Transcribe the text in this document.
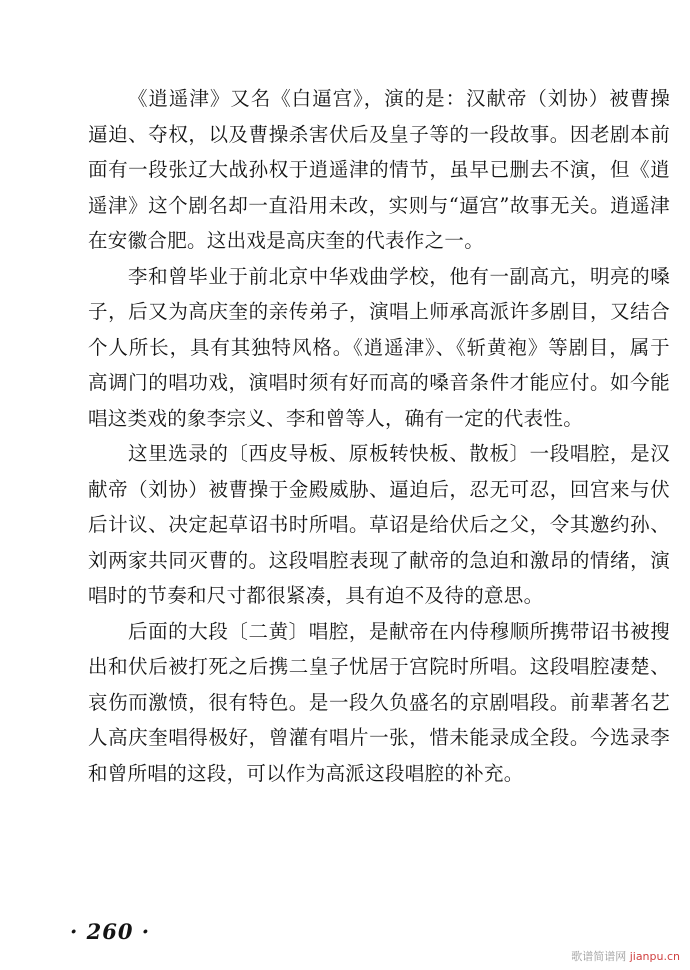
《逍遥津》又名《白逼宫》，演的是：汉献帝（刘协）被曹操逼迫、夺权，以及曹操杀害伏后及皇子等的一段故事。因老剧本前面有一段张辽大战孙权于逍遥津的情节，虽早已删去不演，但《逍遥津》这个剧名却一直沿用未改，实则与“逼宫”故事无关。逍遥津在安徽合肥。这出戏是高庆奎的代表作之一。

李和曾毕业于前北京中华戏曲学校，他有一副高亢，明亮的嗓子，后又为高庆奎的亲传弟子，演唱上师承高派许多剧目，又结合个人所长，具有其独特风格。《逍遥津》、《斩黄袍》等剧目，属于高调门的唱功戏，演唱时须有好而高的嗓音条件才能应付。如今能唱这类戏的象李宗义、李和曾等人，确有一定的代表性。

这里选录的〔西皮导板、原板转快板、散板〕一段唱腔，是汉献帝（刘协）被曹操于金殿威胁、逼迫后，忍无可忍，回宫来与伏后计议、决定起草诏书时所唱。草诏是给伏后之父，令其邀约孙、刘两家共同灭曹的。这段唱腔表现了献帝的急迫和激昂的情绪，演唱时的节奏和尺寸都很紧凑，具有迫不及待的意思。

后面的大段〔二黄〕唱腔，是献帝在内侍穆顺所携带诏书被搜出和伏后被打死之后携二皇子忧居于宫院时所唱。这段唱腔凄楚、哀伤而激愤，很有特色。是一段久负盛名的京剧唱段。前辈著名艺人高庆奎唱得极好，曾灌有唱片一张，惜未能录成全段。今选录李和曾所唱的这段，可以作为高派这段唱腔的补充。

· 260 ·
歌谱简谱网 jianpu.cn
